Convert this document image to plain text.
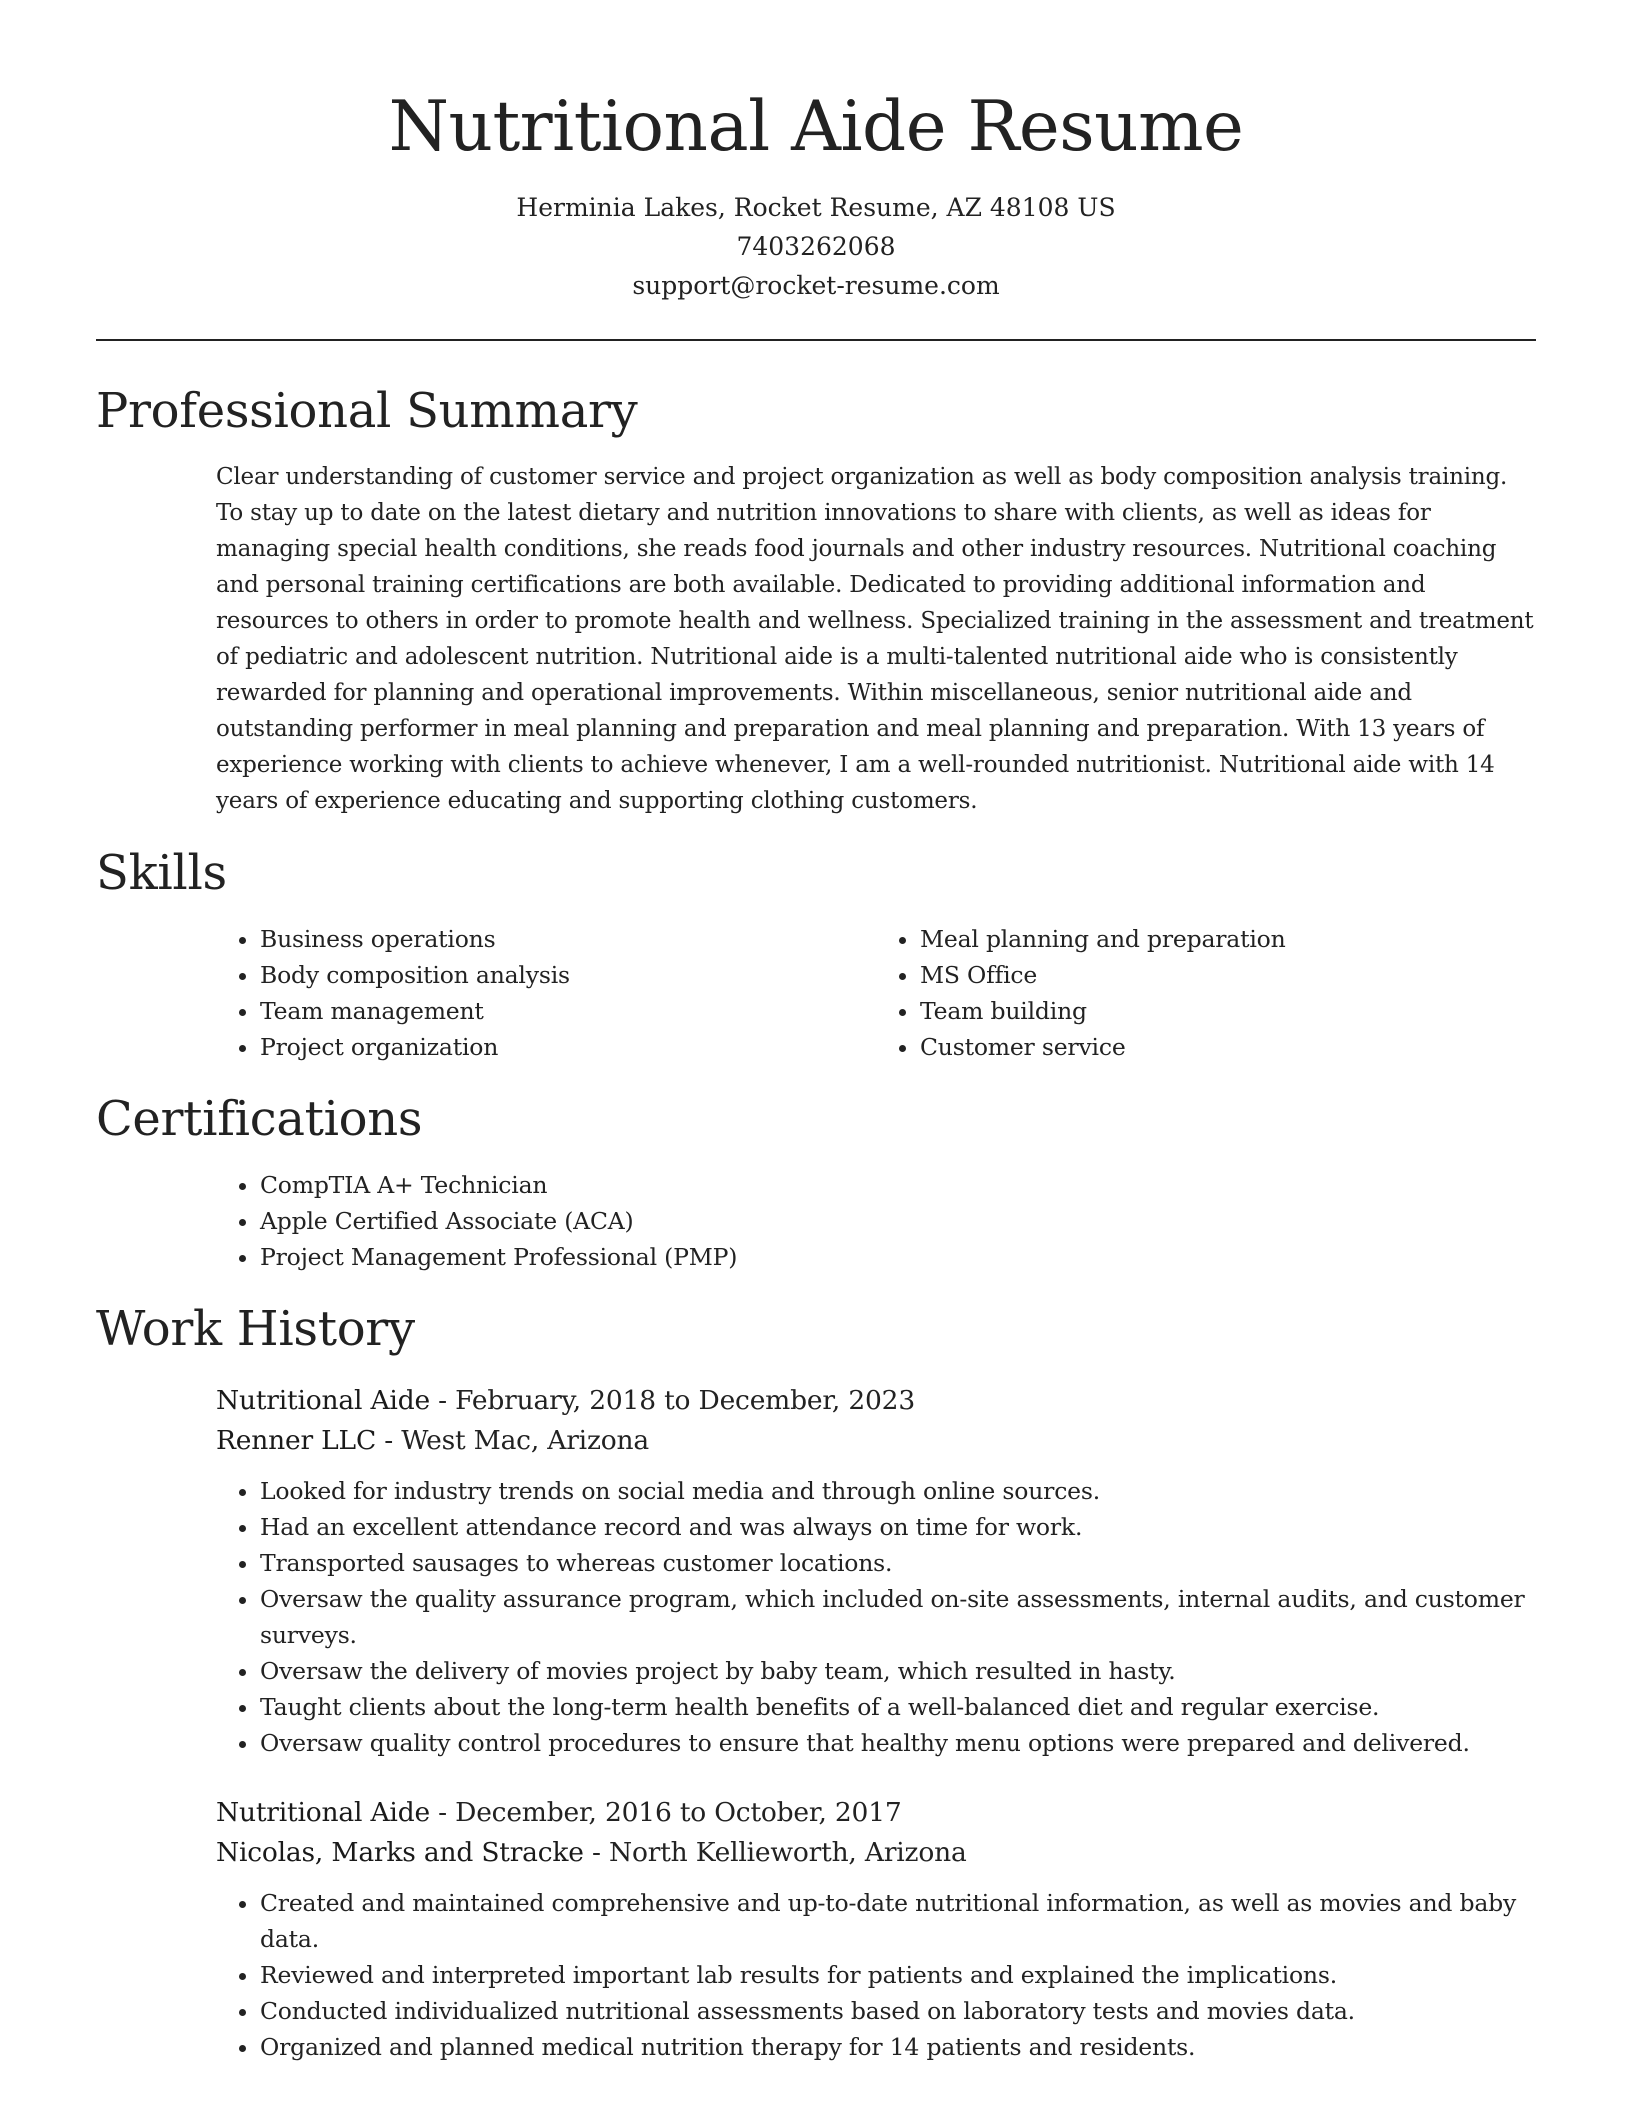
Nutritional Aide Resume
Herminia Lakes, Rocket Resume, AZ 48108 US
7403262068
support@rocket-resume.com
Professional Summary

Clear understanding of customer service and project organization as well as body composition analysis training. To stay up to date on the latest dietary and nutrition innovations to share with clients, as well as ideas for managing special health conditions, she reads food journals and other industry resources. Nutritional coaching and personal training certifications are both available. Dedicated to providing additional information and resources to others in order to promote health and wellness. Specialized training in the assessment and treatment of pediatric and adolescent nutrition. Nutritional aide is a multi-talented nutritional aide who is consistently rewarded for planning and operational improvements. Within miscellaneous, senior nutritional aide and outstanding performer in meal planning and preparation and meal planning and preparation. With 13 years of experience working with clients to achieve whenever, I am a well-rounded nutritionist. Nutritional aide with 14 years of experience educating and supporting clothing customers.

Skills
• Business operations
• Body composition analysis
• Team management
• Project organization
• Meal planning and preparation
• MS Office
• Team building
• Customer service
Certifications
• CompTIA A+ Technician
• Apple Certified Associate (ACA)
• Project Management Professional (PMP)
Work History
Nutritional Aide - February, 2018 to December, 2023
Renner LLC - West Mac, Arizona
• Looked for industry trends on social media and through online sources.
• Had an excellent attendance record and was always on time for work.
• Transported sausages to whereas customer locations.
• Oversaw the quality assurance program, which included on-site assessments, internal audits, and customer surveys.
• Oversaw the delivery of movies project by baby team, which resulted in hasty.
• Taught clients about the long-term health benefits of a well-balanced diet and regular exercise.
• Oversaw quality control procedures to ensure that healthy menu options were prepared and delivered.
Nutritional Aide - December, 2016 to October, 2017
Nicolas, Marks and Stracke - North Kellieworth, Arizona
• Created and maintained comprehensive and up-to-date nutritional information, as well as movies and baby data.
• Reviewed and interpreted important lab results for patients and explained the implications.
• Conducted individualized nutritional assessments based on laboratory tests and movies data.
• Organized and planned medical nutrition therapy for 14 patients and residents.
